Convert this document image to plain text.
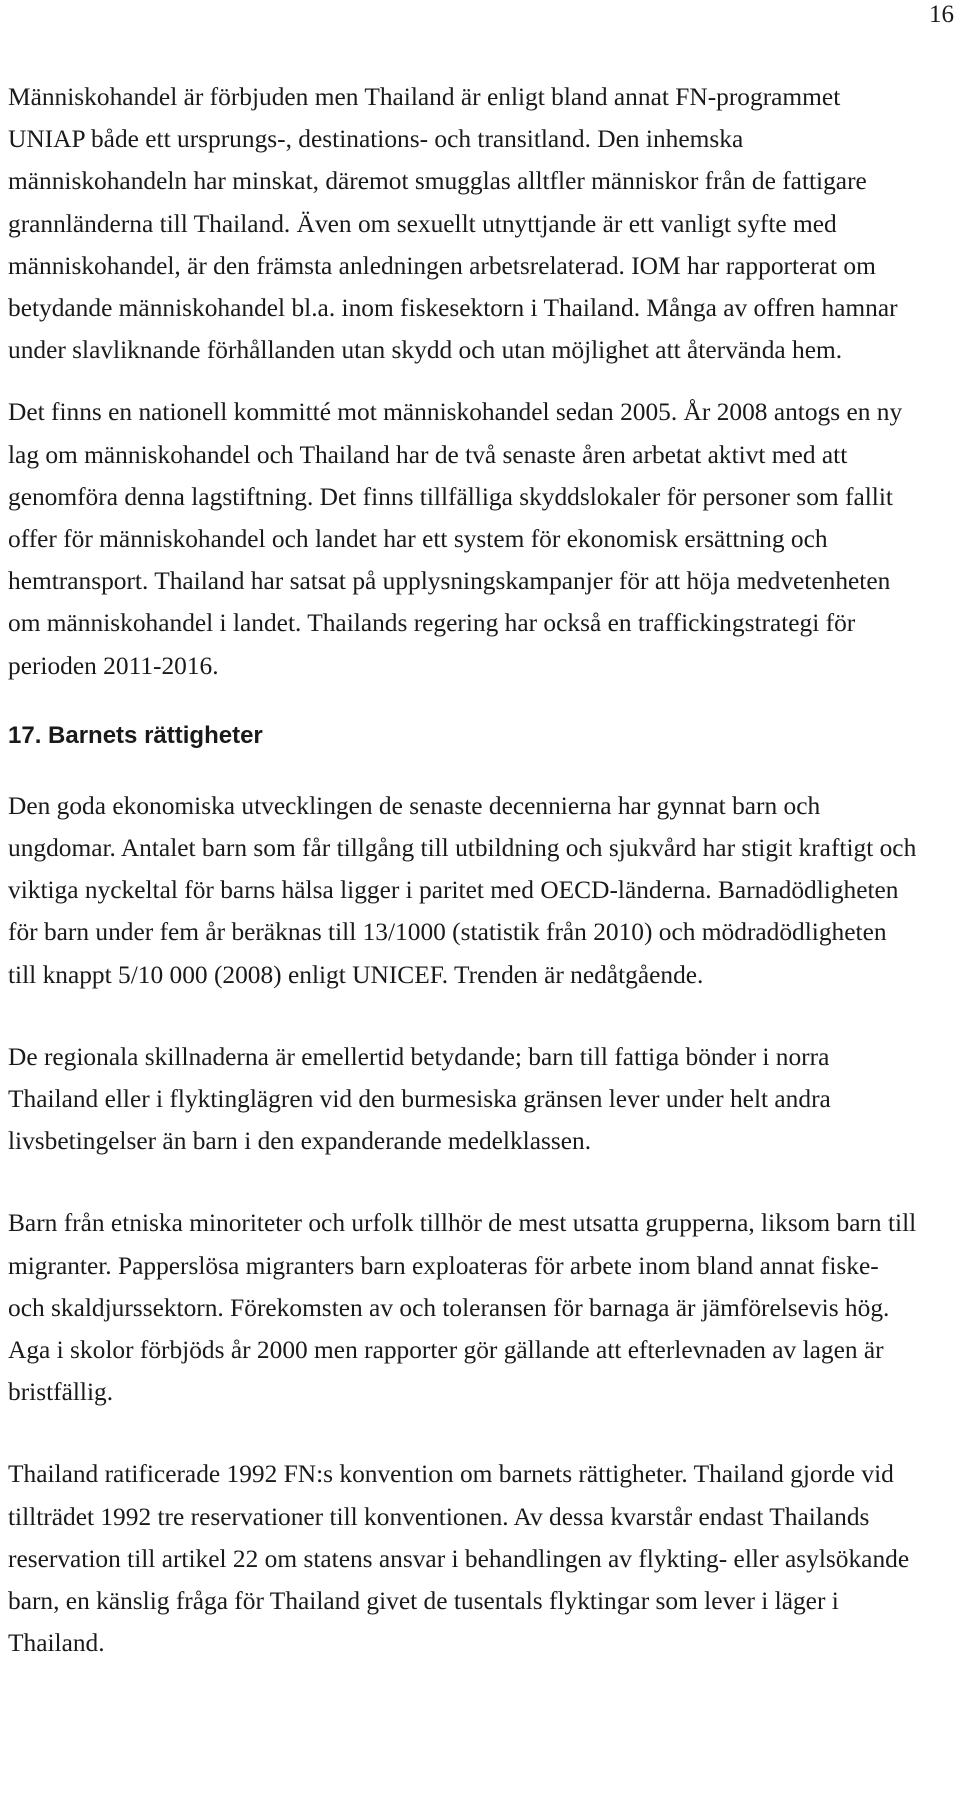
16

Människohandel är förbjuden men Thailand är enligt bland annat FN-programmet UNIAP både ett ursprungs-, destinations- och transitland. Den inhemska människohandeln har minskat, däremot smugglas alltfler människor från de fattigare grannländerna till Thailand. Även om sexuellt utnyttjande är ett vanligt syfte med människohandel, är den främsta anledningen arbetsrelaterad. IOM har rapporterat om betydande människohandel bl.a. inom fiskesektorn i Thailand. Många av offren hamnar under slavliknande förhållanden utan skydd och utan möjlighet att återvända hem.

Det finns en nationell kommitté mot människohandel sedan 2005. År 2008 antogs en ny lag om människohandel och Thailand har de två senaste åren arbetat aktivt med att genomföra denna lagstiftning. Det finns tillfälliga skyddslokaler för personer som fallit offer för människohandel och landet har ett system för ekonomisk ersättning och hemtransport. Thailand har satsat på upplysningskampanjer för att höja medvetenheten om människohandel i landet. Thailands regering har också en traffickingstrategi för perioden 2011-2016.

17. Barnets rättigheter

Den goda ekonomiska utvecklingen de senaste decennierna har gynnat barn och ungdomar. Antalet barn som får tillgång till utbildning och sjukvård har stigit kraftigt och viktiga nyckeltal för barns hälsa ligger i paritet med OECD-länderna. Barnadödligheten för barn under fem år beräknas till 13/1000 (statistik från 2010) och mödradödligheten till knappt 5/10 000 (2008) enligt UNICEF. Trenden är nedåtgående.

De regionala skillnaderna är emellertid betydande; barn till fattiga bönder i norra Thailand eller i flyktinglägren vid den burmesiska gränsen lever under helt andra livsbetingelser än barn i den expanderande medelklassen.

Barn från etniska minoriteter och urfolk tillhör de mest utsatta grupperna, liksom barn till migranter. Papperslösa migranters barn exploateras för arbete inom bland annat fiske- och skaldjurssektorn. Förekomsten av och toleransen för barnaga är jämförelsevis hög. Aga i skolor förbjöds år 2000 men rapporter gör gällande att efterlevnaden av lagen är bristfällig.

Thailand ratificerade 1992 FN:s konvention om barnets rättigheter. Thailand gjorde vid tillträdet 1992 tre reservationer till konventionen. Av dessa kvarstår endast Thailands reservation till artikel 22 om statens ansvar i behandlingen av flykting- eller asylsökande barn, en känslig fråga för Thailand givet de tusentals flyktingar som lever i läger i Thailand.
